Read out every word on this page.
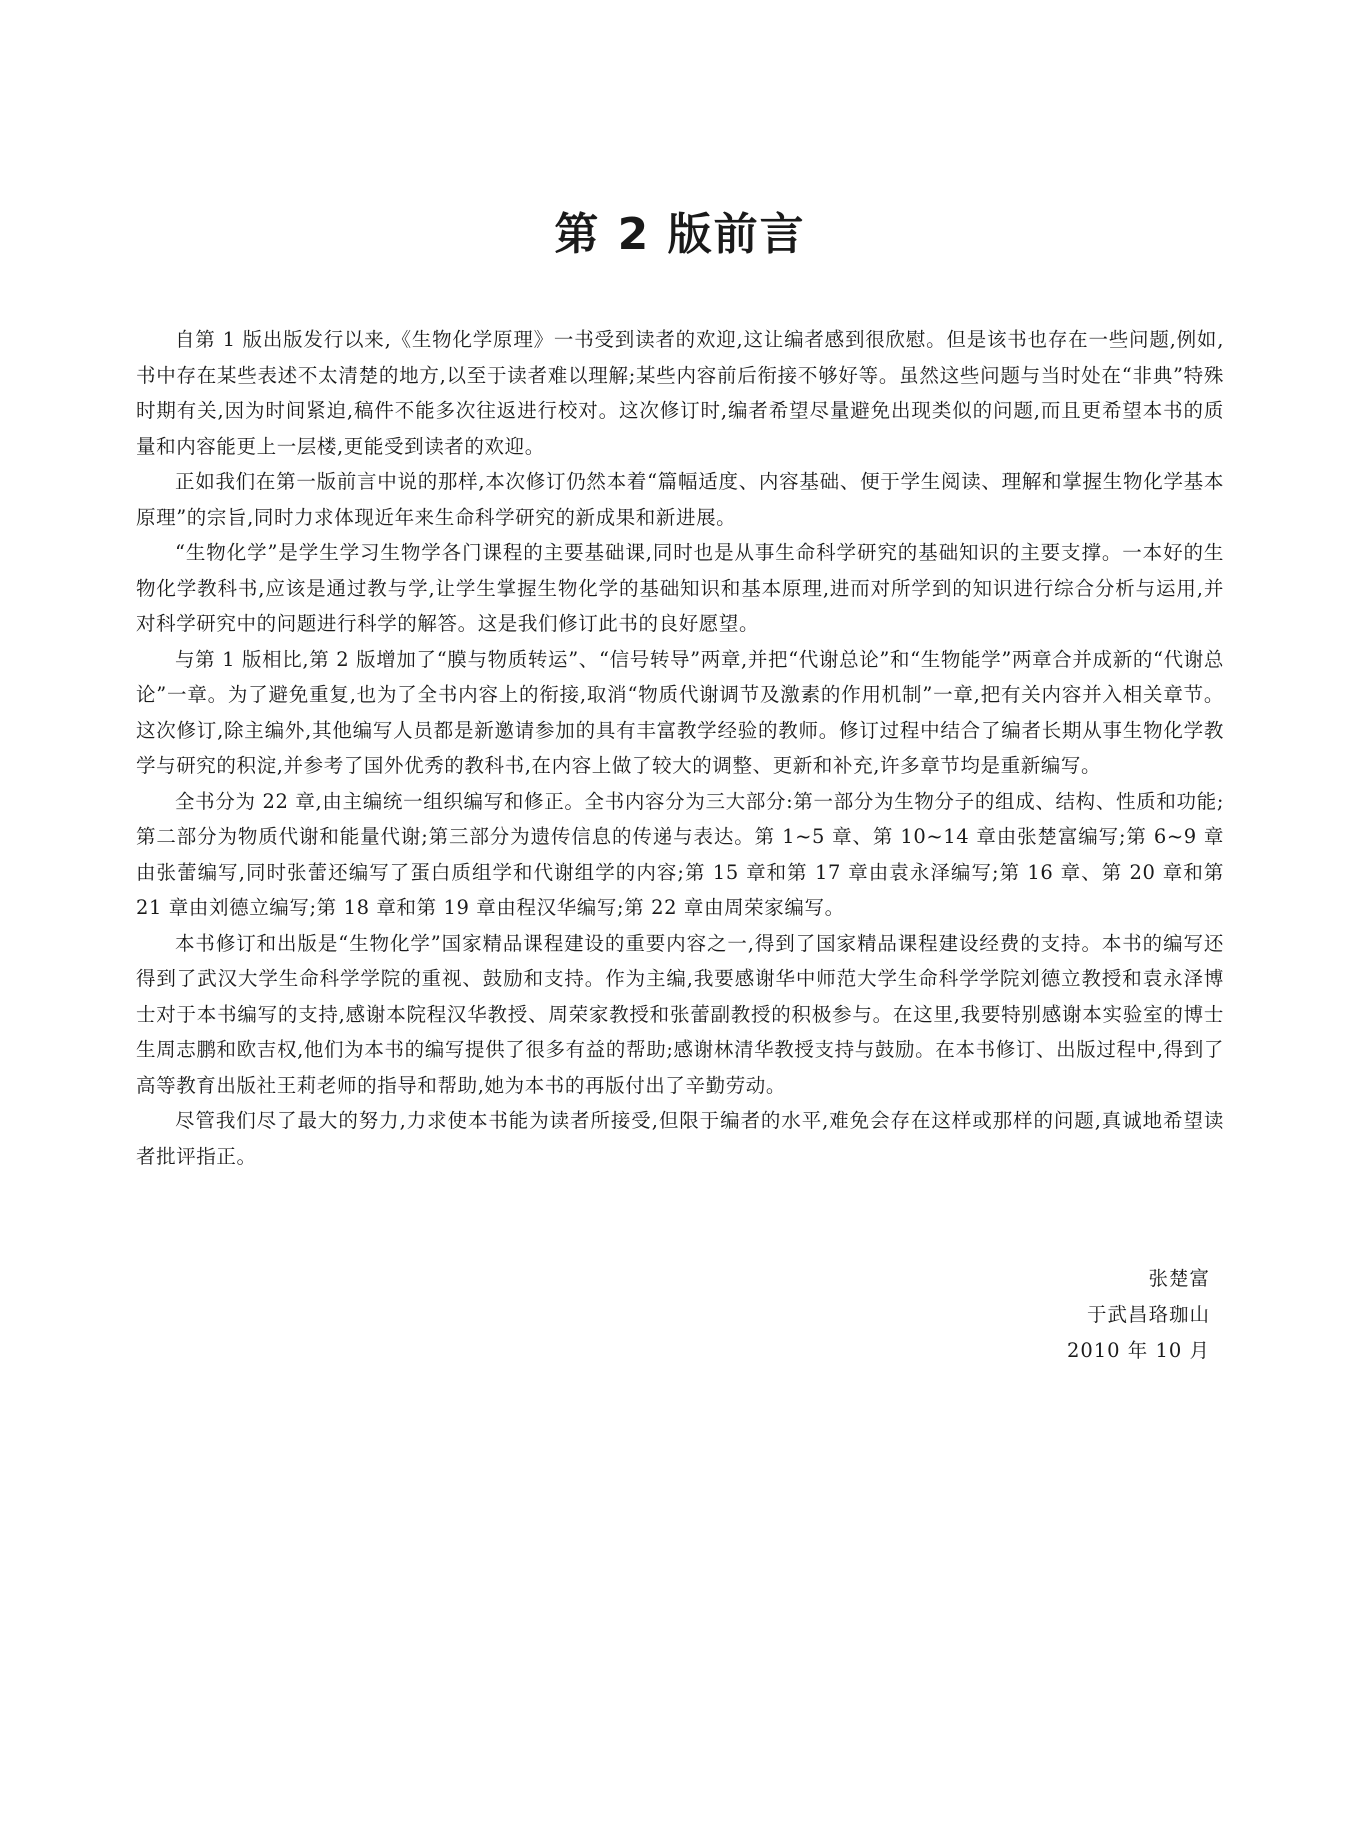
第 2 版前言

自第 1 版出版发行以来,《生物化学原理》一书受到读者的欢迎,这让编者感到很欣慰。但是该书也存在一些问题,例如,书中存在某些表述不太清楚的地方,以至于读者难以理解;某些内容前后衔接不够好等。虽然这些问题与当时处在“非典”特殊时期有关,因为时间紧迫,稿件不能多次往返进行校对。这次修订时,编者希望尽量避免出现类似的问题,而且更希望本书的质量和内容能更上一层楼,更能受到读者的欢迎。

正如我们在第一版前言中说的那样,本次修订仍然本着“篇幅适度、内容基础、便于学生阅读、理解和掌握生物化学基本原理”的宗旨,同时力求体现近年来生命科学研究的新成果和新进展。

“生物化学”是学生学习生物学各门课程的主要基础课,同时也是从事生命科学研究的基础知识的主要支撑。一本好的生物化学教科书,应该是通过教与学,让学生掌握生物化学的基础知识和基本原理,进而对所学到的知识进行综合分析与运用,并对科学研究中的问题进行科学的解答。这是我们修订此书的良好愿望。

与第 1 版相比,第 2 版增加了“膜与物质转运”、“信号转导”两章,并把“代谢总论”和“生物能学”两章合并成新的“代谢总论”一章。为了避免重复,也为了全书内容上的衔接,取消“物质代谢调节及激素的作用机制”一章,把有关内容并入相关章节。这次修订,除主编外,其他编写人员都是新邀请参加的具有丰富教学经验的教师。修订过程中结合了编者长期从事生物化学教学与研究的积淀,并参考了国外优秀的教科书,在内容上做了较大的调整、更新和补充,许多章节均是重新编写。

全书分为 22 章,由主编统一组织编写和修正。全书内容分为三大部分:第一部分为生物分子的组成、结构、性质和功能;第二部分为物质代谢和能量代谢;第三部分为遗传信息的传递与表达。第 1~5 章、第 10~14 章由张楚富编写;第 6~9 章由张蕾编写,同时张蕾还编写了蛋白质组学和代谢组学的内容;第 15 章和第 17 章由袁永泽编写;第 16 章、第 20 章和第 21 章由刘德立编写;第 18 章和第 19 章由程汉华编写;第 22 章由周荣家编写。

本书修订和出版是“生物化学”国家精品课程建设的重要内容之一,得到了国家精品课程建设经费的支持。本书的编写还得到了武汉大学生命科学学院的重视、鼓励和支持。作为主编,我要感谢华中师范大学生命科学学院刘德立教授和袁永泽博士对于本书编写的支持,感谢本院程汉华教授、周荣家教授和张蕾副教授的积极参与。在这里,我要特别感谢本实验室的博士生周志鹏和欧吉权,他们为本书的编写提供了很多有益的帮助;感谢林清华教授支持与鼓励。在本书修订、出版过程中,得到了高等教育出版社王莉老师的指导和帮助,她为本书的再版付出了辛勤劳动。

尽管我们尽了最大的努力,力求使本书能为读者所接受,但限于编者的水平,难免会存在这样或那样的问题,真诚地希望读者批评指正。

张楚富
于武昌珞珈山
2010 年 10 月
